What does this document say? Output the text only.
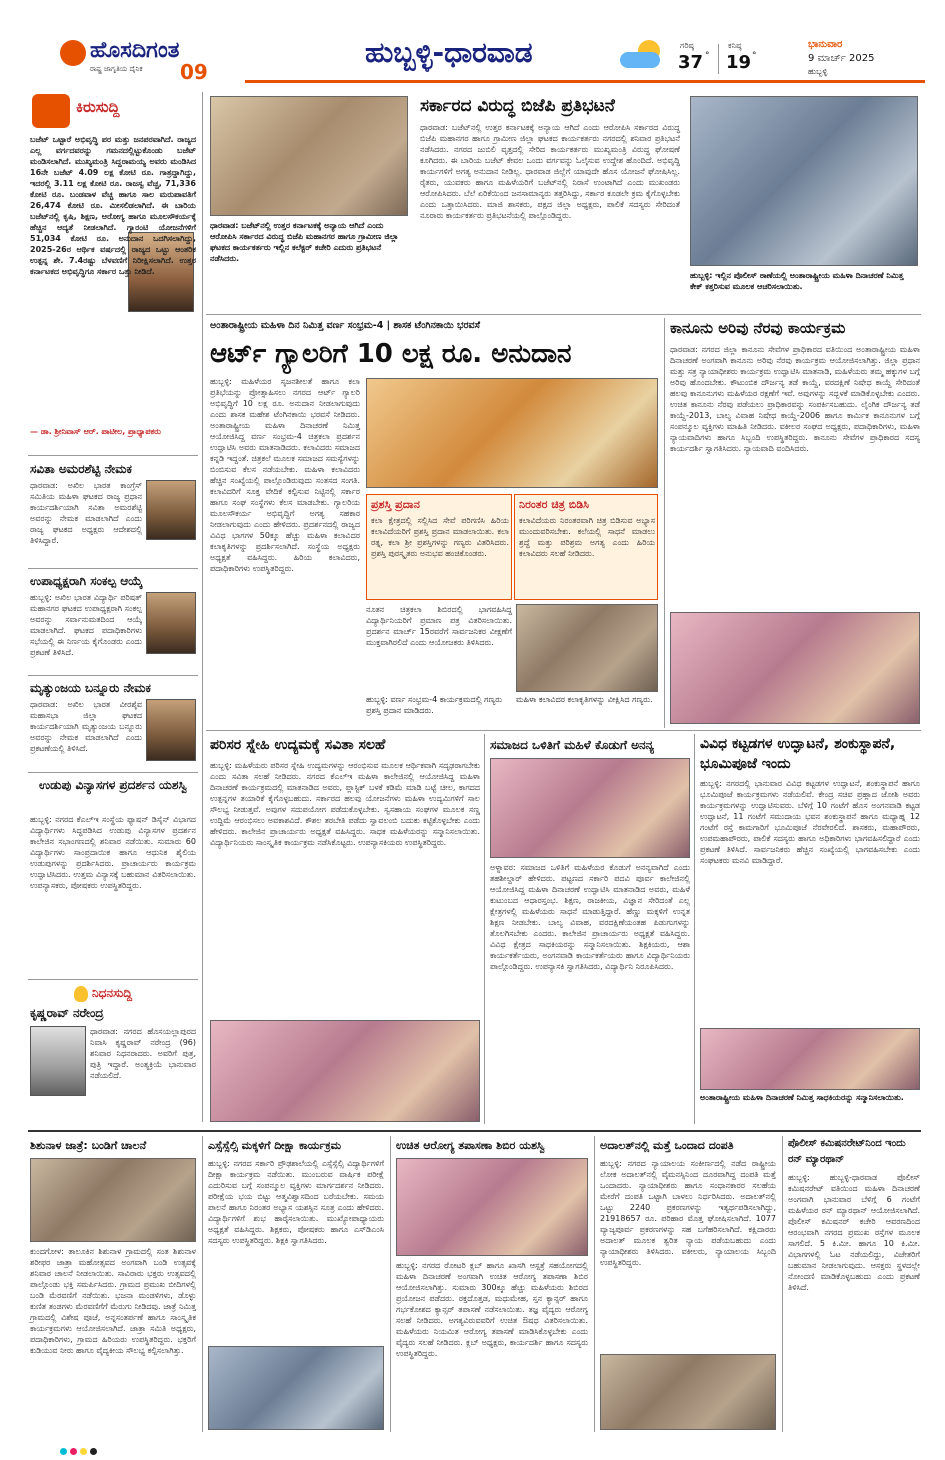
ಹೊಸದಿಗಂತ
ರಾಷ್ಟ್ರ ಜಾಗೃತಿಯ ದೈನಿಕ	09
ಹುಬ್ಬಳ್ಳಿ-ಧಾರವಾಡ	ಗರಿಷ್ಠ
37 °
ಕನಿಷ್ಠ
19 °
ಭಾನುವಾರ
9 ಮಾರ್ಚ್ 2025
ಹುಬ್ಬಳ್ಳಿ
ಕಿರುಸುದ್ದಿ
ಬಜೆಟ್ ಒಟ್ಟಾರೆ ಅಭಿವೃದ್ಧಿ ಪರ ಮತ್ತು ಜನಪರವಾಗಿದೆ. ರಾಜ್ಯದ ಎಲ್ಲ ವರ್ಗದವರನ್ನು ಗಮನದಲ್ಲಿಟ್ಟುಕೊಂಡು ಬಜೆಟ್ ಮಂಡಿಸಲಾಗಿದೆ. ಮುಖ್ಯಮಂತ್ರಿ ಸಿದ್ದರಾಮಯ್ಯ ಅವರು ಮಂಡಿಸಿದ 16ನೇ ಬಜೆಟ್ 4.09 ಲಕ್ಷ ಕೋಟಿ ರೂ. ಗಾತ್ರದ್ದಾಗಿದ್ದು, ಇದರಲ್ಲಿ 3.11 ಲಕ್ಷ ಕೋಟಿ ರೂ. ರಾಜಸ್ವ ವೆಚ್ಚ, 71,336 ಕೋಟಿ ರೂ. ಬಂಡವಾಳ ವೆಚ್ಚ ಹಾಗೂ ಸಾಲ ಮರುಪಾವತಿಗೆ 26,474 ಕೋಟಿ ರೂ. ಮೀಸಲಿಡಲಾಗಿದೆ. ಈ ಬಾರಿಯ ಬಜೆಟ್‌ನಲ್ಲಿ ಕೃಷಿ, ಶಿಕ್ಷಣ, ಆರೋಗ್ಯ ಹಾಗೂ ಮೂಲಸೌಕರ್ಯಕ್ಕೆ ಹೆಚ್ಚಿನ ಆದ್ಯತೆ ನೀಡಲಾಗಿದೆ. ಗ್ಯಾರಂಟಿ ಯೋಜನೆಗಳಿಗೆ 51,034 ಕೋಟಿ ರೂ. ಅನುದಾನ ಒದಗಿಸಲಾಗಿದ್ದು, 2025-26ರ ಆರ್ಥಿಕ ವರ್ಷದಲ್ಲಿ ರಾಜ್ಯದ ಒಟ್ಟು ಆಂತರಿಕ ಉತ್ಪನ್ನ ಶೇ. 7.4ರಷ್ಟು ಬೆಳವಣಿಗೆ ನಿರೀಕ್ಷಿಸಲಾಗಿದೆ. ಉತ್ತರ ಕರ್ನಾಟಕದ ಅಭಿವೃದ್ಧಿಗೂ ಸರ್ಕಾರ ಒತ್ತು ನೀಡಿದೆ.
— ಡಾ. ಶ್ರೀನಿವಾಸ್ ಆರ್. ಪಾಟೀಲ, ಪ್ರಾಧ್ಯಾಪಕರು
ಸವಿತಾ ಅಮರಶೆಟ್ಟಿ ನೇಮಕ
ಧಾರವಾಡ: ಅಖಿಲ ಭಾರತ ಕಾಂಗ್ರೆಸ್ ಸಮಿತಿಯ ಮಹಿಳಾ ಘಟಕದ ರಾಜ್ಯ ಪ್ರಧಾನ ಕಾರ್ಯದರ್ಶಿಯಾಗಿ ಸವಿತಾ ಅಮರಶೆಟ್ಟಿ ಅವರನ್ನು ನೇಮಕ ಮಾಡಲಾಗಿದೆ ಎಂದು ರಾಜ್ಯ ಘಟಕದ ಅಧ್ಯಕ್ಷರು ಆದೇಶದಲ್ಲಿ ತಿಳಿಸಿದ್ದಾರೆ.
ಉಪಾಧ್ಯಕ್ಷರಾಗಿ ಸಂಕಲ್ಪ ಆಯ್ಕೆ
ಹುಬ್ಬಳ್ಳಿ: ಅಖಿಲ ಭಾರತ ವಿದ್ಯಾರ್ಥಿ ಪರಿಷತ್ ಮಹಾನಗರ ಘಟಕದ ಉಪಾಧ್ಯಕ್ಷರಾಗಿ ಸಂಕಲ್ಪ ಅವರನ್ನು ಸರ್ವಾನುಮತದಿಂದ ಆಯ್ಕೆ ಮಾಡಲಾಗಿದೆ. ಘಟಕದ ಪದಾಧಿಕಾರಿಗಳು ಸಭೆಯಲ್ಲಿ ಈ ನಿರ್ಣಯ ಕೈಗೊಂಡರು ಎಂದು ಪ್ರಕಟಣೆ ತಿಳಿಸಿದೆ.
ಮೃತ್ಯುಂಜಯ ಬನ್ನೂರು ನೇಮಕ
ಧಾರವಾಡ: ಅಖಿಲ ಭಾರತ ವೀರಶೈವ ಮಹಾಸಭಾ ಜಿಲ್ಲಾ ಘಟಕದ ಕಾರ್ಯದರ್ಶಿಯಾಗಿ ಮೃತ್ಯುಂಜಯ ಬನ್ನೂರು ಅವರನ್ನು ನೇಮಕ ಮಾಡಲಾಗಿದೆ ಎಂದು ಪ್ರಕಟಣೆಯಲ್ಲಿ ತಿಳಿಸಿದೆ.
ಉಡುಪು ವಿನ್ಯಾಸಗಳ ಪ್ರದರ್ಶನ ಯಶಸ್ವಿ
ಹುಬ್ಬಳ್ಳಿ: ನಗರದ ಕೆಎಲ್‌ಇ ಸಂಸ್ಥೆಯ ಫ್ಯಾಷನ್ ಡಿಸೈನ್ ವಿಭಾಗದ ವಿದ್ಯಾರ್ಥಿಗಳು ಸಿದ್ಧಪಡಿಸಿದ ಉಡುಪು ವಿನ್ಯಾಸಗಳ ಪ್ರದರ್ಶನ ಕಾಲೇಜಿನ ಸಭಾಂಗಣದಲ್ಲಿ ಶನಿವಾರ ನಡೆಯಿತು. ಸುಮಾರು 60 ವಿದ್ಯಾರ್ಥಿಗಳು ಸಾಂಪ್ರದಾಯಿಕ ಹಾಗೂ ಆಧುನಿಕ ಶೈಲಿಯ ಉಡುಪುಗಳನ್ನು ಪ್ರದರ್ಶಿಸಿದರು. ಪ್ರಾಚಾರ್ಯರು ಕಾರ್ಯಕ್ರಮ ಉದ್ಘಾಟಿಸಿದರು. ಉತ್ತಮ ವಿನ್ಯಾಸಕ್ಕೆ ಬಹುಮಾನ ವಿತರಿಸಲಾಯಿತು. ಉಪನ್ಯಾಸಕರು, ಪೋಷಕರು ಉಪಸ್ಥಿತರಿದ್ದರು.
ನಿಧನಸುದ್ದಿ
ಕೃಷ್ಣರಾವ್ ನರೇಂದ್ರ
ಧಾರವಾಡ: ನಗರದ ಹೊಸಯಲ್ಲಾಪುರದ ನಿವಾಸಿ ಕೃಷ್ಣರಾವ್ ನರೇಂದ್ರ (96) ಶನಿವಾರ ನಿಧನರಾದರು. ಅವರಿಗೆ ಪುತ್ರ, ಪುತ್ರಿ ಇದ್ದಾರೆ. ಅಂತ್ಯಕ್ರಿಯೆ ಭಾನುವಾರ ನಡೆಯಲಿದೆ.
ಧಾರವಾಡ: ಬಜೆಟ್‌ನಲ್ಲಿ ಉತ್ತರ ಕರ್ನಾಟಕಕ್ಕೆ ಅನ್ಯಾಯ ಆಗಿದೆ ಎಂದು ಆರೋಪಿಸಿ ಸರ್ಕಾರದ ವಿರುದ್ಧ ಬಿಜೆಪಿ ಮಹಾನಗರ ಹಾಗೂ ಗ್ರಾಮೀಣ ಜಿಲ್ಲಾ ಘಟಕದ ಕಾರ್ಯಕರ್ತರು ಇಲ್ಲಿನ ಕಲೆಕ್ಟರ್ ಕಚೇರಿ ಎದುರು ಪ್ರತಿಭಟನೆ ನಡೆಸಿದರು.
ಸರ್ಕಾರದ ವಿರುದ್ಧ ಬಿಜೆಪಿ ಪ್ರತಿಭಟನೆ
ಧಾರವಾಡ: ಬಜೆಟ್‌ನಲ್ಲಿ ಉತ್ತರ ಕರ್ನಾಟಕಕ್ಕೆ ಅನ್ಯಾಯ ಆಗಿದೆ ಎಂದು ಆರೋಪಿಸಿ ಸರ್ಕಾರದ ವಿರುದ್ಧ ಬಿಜೆಪಿ ಮಹಾನಗರ ಹಾಗೂ ಗ್ರಾಮೀಣ ಜಿಲ್ಲಾ ಘಟಕದ ಕಾರ್ಯಕರ್ತರು ನಗರದಲ್ಲಿ ಶನಿವಾರ ಪ್ರತಿಭಟನೆ ನಡೆಸಿದರು. ನಗರದ ಜುಬಿಲಿ ವೃತ್ತದಲ್ಲಿ ಸೇರಿದ ಕಾರ್ಯಕರ್ತರು ಮುಖ್ಯಮಂತ್ರಿ ವಿರುದ್ಧ ಘೋಷಣೆ ಕೂಗಿದರು. ಈ ಬಾರಿಯ ಬಜೆಟ್ ಕೇವಲ ಒಂದು ವರ್ಗವನ್ನು ಓಲೈಸುವ ಉದ್ದೇಶ ಹೊಂದಿದೆ. ಅಭಿವೃದ್ಧಿ ಕಾರ್ಯಗಳಿಗೆ ಅಗತ್ಯ ಅನುದಾನ ನೀಡಿಲ್ಲ. ಧಾರವಾಡ ಜಿಲ್ಲೆಗೆ ಯಾವುದೇ ಹೊಸ ಯೋಜನೆ ಘೋಷಿಸಿಲ್ಲ. ರೈತರು, ಯುವಕರು ಹಾಗೂ ಮಹಿಳೆಯರಿಗೆ ಬಜೆಟ್‌ನಲ್ಲಿ ನಿರಾಸೆ ಉಂಟಾಗಿದೆ ಎಂದು ಮುಖಂಡರು ಆರೋಪಿಸಿದರು. ಬೆಲೆ ಏರಿಕೆಯಿಂದ ಜನಸಾಮಾನ್ಯರು ತತ್ತರಿಸಿದ್ದು, ಸರ್ಕಾರ ಕೂಡಲೇ ಕ್ರಮ ಕೈಗೊಳ್ಳಬೇಕು ಎಂದು ಒತ್ತಾಯಿಸಿದರು. ಮಾಜಿ ಶಾಸಕರು, ಪಕ್ಷದ ಜಿಲ್ಲಾ ಅಧ್ಯಕ್ಷರು, ಪಾಲಿಕೆ ಸದಸ್ಯರು ಸೇರಿದಂತೆ ನೂರಾರು ಕಾರ್ಯಕರ್ತರು ಪ್ರತಿಭಟನೆಯಲ್ಲಿ ಪಾಲ್ಗೊಂಡಿದ್ದರು.
ಹುಬ್ಬಳ್ಳಿ: ಇಲ್ಲಿನ ಪೊಲೀಸ್ ಠಾಣೆಯಲ್ಲಿ ಅಂತಾರಾಷ್ಟ್ರೀಯ ಮಹಿಳಾ ದಿನಾಚರಣೆ ನಿಮಿತ್ತ ಕೇಕ್ ಕತ್ತರಿಸುವ ಮೂಲಕ ಆಚರಿಸಲಾಯಿತು.
ಅಂತಾರಾಷ್ಟ್ರೀಯ ಮಹಿಳಾ ದಿನ ನಿಮಿತ್ತ ವರ್ಣ ಸಂಭ್ರಮ-4 | ಶಾಸಕ ಟೆಂಗಿನಕಾಯಿ ಭರವಸೆ
ಆರ್ಟ್ ಗ್ಯಾಲರಿಗೆ 10 ಲಕ್ಷ ರೂ. ಅನುದಾನ
ಹುಬ್ಬಳ್ಳಿ: ಮಹಿಳೆಯರ ಸೃಜನಶೀಲತೆ ಹಾಗೂ ಕಲಾ ಪ್ರತಿಭೆಯನ್ನು ಪ್ರೋತ್ಸಾಹಿಸಲು ನಗರದ ಆರ್ಟ್ ಗ್ಯಾಲರಿ ಅಭಿವೃದ್ಧಿಗೆ 10 ಲಕ್ಷ ರೂ. ಅನುದಾನ ನೀಡಲಾಗುವುದು ಎಂದು ಶಾಸಕ ಮಹೇಶ ಟೆಂಗಿನಕಾಯಿ ಭರವಸೆ ನೀಡಿದರು. ಅಂತಾರಾಷ್ಟ್ರೀಯ ಮಹಿಳಾ ದಿನಾಚರಣೆ ನಿಮಿತ್ತ ಆಯೋಜಿಸಿದ್ದ ವರ್ಣ ಸಂಭ್ರಮ-4 ಚಿತ್ರಕಲಾ ಪ್ರದರ್ಶನ ಉದ್ಘಾಟಿಸಿ ಅವರು ಮಾತನಾಡಿದರು. ಕಲಾವಿದರು ಸಮಾಜದ ಕನ್ನಡಿ ಇದ್ದಂತೆ. ಚಿತ್ರಕಲೆ ಮೂಲಕ ಸಮಾಜದ ಸಮಸ್ಯೆಗಳನ್ನು ಬಿಂಬಿಸುವ ಕೆಲಸ ನಡೆಯಬೇಕು. ಮಹಿಳಾ ಕಲಾವಿದರು ಹೆಚ್ಚಿನ ಸಂಖ್ಯೆಯಲ್ಲಿ ಪಾಲ್ಗೊಂಡಿರುವುದು ಸಂತಸದ ಸಂಗತಿ. ಕಲಾವಿದರಿಗೆ ಸೂಕ್ತ ವೇದಿಕೆ ಕಲ್ಪಿಸುವ ನಿಟ್ಟಿನಲ್ಲಿ ಸರ್ಕಾರ ಹಾಗೂ ಸಂಘ ಸಂಸ್ಥೆಗಳು ಕೆಲಸ ಮಾಡಬೇಕು. ಗ್ಯಾಲರಿಯ ಮೂಲಸೌಕರ್ಯ ಅಭಿವೃದ್ಧಿಗೆ ಅಗತ್ಯ ಸಹಕಾರ ನೀಡಲಾಗುವುದು ಎಂದು ಹೇಳಿದರು. ಪ್ರದರ್ಶನದಲ್ಲಿ ರಾಜ್ಯದ ವಿವಿಧ ಭಾಗಗಳ 50ಕ್ಕೂ ಹೆಚ್ಚು ಮಹಿಳಾ ಕಲಾವಿದರ ಕಲಾಕೃತಿಗಳನ್ನು ಪ್ರದರ್ಶಿಸಲಾಗಿದೆ. ಸಂಸ್ಥೆಯ ಅಧ್ಯಕ್ಷರು ಅಧ್ಯಕ್ಷತೆ ವಹಿಸಿದ್ದರು. ಹಿರಿಯ ಕಲಾವಿದರು, ಪದಾಧಿಕಾರಿಗಳು ಉಪಸ್ಥಿತರಿದ್ದರು.
ಪ್ರಶಸ್ತಿ ಪ್ರದಾನ
ಕಲಾ ಕ್ಷೇತ್ರದಲ್ಲಿ ಸಲ್ಲಿಸಿದ ಸೇವೆ ಪರಿಗಣಿಸಿ ಹಿರಿಯ ಕಲಾವಿದೆಯರಿಗೆ ಪ್ರಶಸ್ತಿ ಪ್ರದಾನ ಮಾಡಲಾಯಿತು. ಕಲಾ ರತ್ನ, ಕಲಾ ಶ್ರೀ ಪ್ರಶಸ್ತಿಗಳನ್ನು ಗಣ್ಯರು ವಿತರಿಸಿದರು. ಪ್ರಶಸ್ತಿ ಪುರಸ್ಕೃತರು ಅನುಭವ ಹಂಚಿಕೊಂಡರು.
ನಿರಂತರ ಚಿತ್ರ ಬಿಡಿಸಿ
ಕಲಾವಿದೆಯರು ನಿರಂತರವಾಗಿ ಚಿತ್ರ ಬಿಡಿಸುವ ಅಭ್ಯಾಸ ಮುಂದುವರಿಸಬೇಕು. ಕಲೆಯಲ್ಲಿ ಸಾಧನೆ ಮಾಡಲು ಶ್ರದ್ಧೆ ಮತ್ತು ಪರಿಶ್ರಮ ಅಗತ್ಯ ಎಂದು ಹಿರಿಯ ಕಲಾವಿದರು ಸಲಹೆ ನೀಡಿದರು.
ನೂತನ ಚಿತ್ರಕಲಾ ಶಿಬಿರದಲ್ಲಿ ಭಾಗವಹಿಸಿದ್ದ ವಿದ್ಯಾರ್ಥಿನಿಯರಿಗೆ ಪ್ರಮಾಣ ಪತ್ರ ವಿತರಿಸಲಾಯಿತು. ಪ್ರದರ್ಶನ ಮಾರ್ಚ್ 15ರವರೆಗೆ ಸಾರ್ವಜನಿಕರ ವೀಕ್ಷಣೆಗೆ ಮುಕ್ತವಾಗಿರಲಿದೆ ಎಂದು ಆಯೋಜಕರು ತಿಳಿಸಿದರು.
ಹುಬ್ಬಳ್ಳಿ: ವರ್ಣ ಸಂಭ್ರಮ-4 ಕಾರ್ಯಕ್ರಮದಲ್ಲಿ ಗಣ್ಯರು ಪ್ರಶಸ್ತಿ ಪ್ರದಾನ ಮಾಡಿದರು.
ಮಹಿಳಾ ಕಲಾವಿದರ ಕಲಾಕೃತಿಗಳನ್ನು ವೀಕ್ಷಿಸಿದ ಗಣ್ಯರು.
ಕಾನೂನು ಅರಿವು ನೆರವು ಕಾರ್ಯಕ್ರಮ
ಧಾರವಾಡ: ನಗರದ ಜಿಲ್ಲಾ ಕಾನೂನು ಸೇವೆಗಳ ಪ್ರಾಧಿಕಾರದ ವತಿಯಿಂದ ಅಂತಾರಾಷ್ಟ್ರೀಯ ಮಹಿಳಾ ದಿನಾಚರಣೆ ಅಂಗವಾಗಿ ಕಾನೂನು ಅರಿವು ನೆರವು ಕಾರ್ಯಕ್ರಮ ಆಯೋಜಿಸಲಾಗಿತ್ತು. ಜಿಲ್ಲಾ ಪ್ರಧಾನ ಮತ್ತು ಸತ್ರ ನ್ಯಾಯಾಧೀಶರು ಕಾರ್ಯಕ್ರಮ ಉದ್ಘಾಟಿಸಿ ಮಾತನಾಡಿ, ಮಹಿಳೆಯರು ತಮ್ಮ ಹಕ್ಕುಗಳ ಬಗ್ಗೆ ಅರಿವು ಹೊಂದಬೇಕು. ಕೌಟುಂಬಿಕ ದೌರ್ಜನ್ಯ ತಡೆ ಕಾಯ್ದೆ, ವರದಕ್ಷಿಣೆ ನಿಷೇಧ ಕಾಯ್ದೆ ಸೇರಿದಂತೆ ಹಲವು ಕಾನೂನುಗಳು ಮಹಿಳೆಯರ ರಕ್ಷಣೆಗೆ ಇವೆ. ಅವುಗಳನ್ನು ಸದ್ಬಳಕೆ ಮಾಡಿಕೊಳ್ಳಬೇಕು ಎಂದರು. ಉಚಿತ ಕಾನೂನು ನೆರವು ಪಡೆಯಲು ಪ್ರಾಧಿಕಾರವನ್ನು ಸಂಪರ್ಕಿಸಬಹುದು. ಲೈಂಗಿಕ ದೌರ್ಜನ್ಯ ತಡೆ ಕಾಯ್ದೆ-2013, ಬಾಲ್ಯ ವಿವಾಹ ನಿಷೇಧ ಕಾಯ್ದೆ-2006 ಹಾಗೂ ಕಾರ್ಮಿಕ ಕಾನೂನುಗಳ ಬಗ್ಗೆ ಸಂಪನ್ಮೂಲ ವ್ಯಕ್ತಿಗಳು ಮಾಹಿತಿ ನೀಡಿದರು. ವಕೀಲರ ಸಂಘದ ಅಧ್ಯಕ್ಷರು, ಪದಾಧಿಕಾರಿಗಳು, ಮಹಿಳಾ ನ್ಯಾಯವಾದಿಗಳು ಹಾಗೂ ಸಿಬ್ಬಂದಿ ಉಪಸ್ಥಿತರಿದ್ದರು. ಕಾನೂನು ಸೇವೆಗಳ ಪ್ರಾಧಿಕಾರದ ಸದಸ್ಯ ಕಾರ್ಯದರ್ಶಿ ಸ್ವಾಗತಿಸಿದರು. ನ್ಯಾಯವಾದಿ ವಂದಿಸಿದರು.
ಪರಿಸರ ಸ್ನೇಹಿ ಉದ್ಯಮಕ್ಕೆ ಸವಿತಾ ಸಲಹೆ
ಹುಬ್ಬಳ್ಳಿ: ಮಹಿಳೆಯರು ಪರಿಸರ ಸ್ನೇಹಿ ಉದ್ಯಮಗಳನ್ನು ಆರಂಭಿಸುವ ಮೂಲಕ ಆರ್ಥಿಕವಾಗಿ ಸದೃಢರಾಗಬೇಕು ಎಂದು ಸವಿತಾ ಸಲಹೆ ನೀಡಿದರು. ನಗರದ ಕೆಎಲ್‌ಇ ಮಹಿಳಾ ಕಾಲೇಜಿನಲ್ಲಿ ಆಯೋಜಿಸಿದ್ದ ಮಹಿಳಾ ದಿನಾಚರಣೆ ಕಾರ್ಯಕ್ರಮದಲ್ಲಿ ಮಾತನಾಡಿದ ಅವರು, ಪ್ಲಾಸ್ಟಿಕ್ ಬಳಕೆ ಕಡಿಮೆ ಮಾಡಿ ಬಟ್ಟೆ ಚೀಲ, ಕಾಗದದ ಉತ್ಪನ್ನಗಳ ತಯಾರಿಕೆ ಕೈಗೊಳ್ಳಬಹುದು. ಸರ್ಕಾರದ ಹಲವು ಯೋಜನೆಗಳು ಮಹಿಳಾ ಉದ್ಯಮಿಗಳಿಗೆ ಸಾಲ ಸೌಲಭ್ಯ ನೀಡುತ್ತವೆ. ಅವುಗಳ ಸದುಪಯೋಗ ಪಡೆದುಕೊಳ್ಳಬೇಕು. ಸ್ವಸಹಾಯ ಸಂಘಗಳ ಮೂಲಕ ಸಣ್ಣ ಉದ್ದಿಮೆ ಆರಂಭಿಸಲು ಅವಕಾಶವಿದೆ. ಕೌಶಲ ತರಬೇತಿ ಪಡೆದು ಸ್ವಾವಲಂಬಿ ಬದುಕು ಕಟ್ಟಿಕೊಳ್ಳಬೇಕು ಎಂದು ಹೇಳಿದರು. ಕಾಲೇಜಿನ ಪ್ರಾಚಾರ್ಯರು ಅಧ್ಯಕ್ಷತೆ ವಹಿಸಿದ್ದರು. ಸಾಧಕ ಮಹಿಳೆಯರನ್ನು ಸನ್ಮಾನಿಸಲಾಯಿತು. ವಿದ್ಯಾರ್ಥಿನಿಯರು ಸಾಂಸ್ಕೃತಿಕ ಕಾರ್ಯಕ್ರಮ ನಡೆಸಿಕೊಟ್ಟರು. ಉಪನ್ಯಾಸಕಿಯರು ಉಪಸ್ಥಿತರಿದ್ದರು.
ಸಮಾಜದ ಒಳಿತಿಗೆ ಮಹಿಳೆ ಕೊಡುಗೆ ಅನನ್ಯ
ಅಳ್ನಾವರ: ಸಮಾಜದ ಒಳಿತಿಗೆ ಮಹಿಳೆಯರ ಕೊಡುಗೆ ಅನನ್ಯವಾಗಿದೆ ಎಂದು ತಹಶೀಲ್ದಾರ್ ಹೇಳಿದರು. ಪಟ್ಟಣದ ಸರ್ಕಾರಿ ಪದವಿ ಪೂರ್ವ ಕಾಲೇಜಿನಲ್ಲಿ ಆಯೋಜಿಸಿದ್ದ ಮಹಿಳಾ ದಿನಾಚರಣೆ ಉದ್ಘಾಟಿಸಿ ಮಾತನಾಡಿದ ಅವರು, ಮಹಿಳೆ ಕುಟುಂಬದ ಆಧಾರಸ್ತಂಭ. ಶಿಕ್ಷಣ, ರಾಜಕೀಯ, ವಿಜ್ಞಾನ ಸೇರಿದಂತೆ ಎಲ್ಲ ಕ್ಷೇತ್ರಗಳಲ್ಲಿ ಮಹಿಳೆಯರು ಸಾಧನೆ ಮಾಡುತ್ತಿದ್ದಾರೆ. ಹೆಣ್ಣು ಮಕ್ಕಳಿಗೆ ಉನ್ನತ ಶಿಕ್ಷಣ ನೀಡಬೇಕು. ಬಾಲ್ಯ ವಿವಾಹ, ವರದಕ್ಷಿಣೆಯಂತಹ ಪಿಡುಗುಗಳನ್ನು ತೊಲಗಿಸಬೇಕು ಎಂದರು. ಕಾಲೇಜಿನ ಪ್ರಾಚಾರ್ಯರು ಅಧ್ಯಕ್ಷತೆ ವಹಿಸಿದ್ದರು. ವಿವಿಧ ಕ್ಷೇತ್ರದ ಸಾಧಕಿಯರನ್ನು ಸನ್ಮಾನಿಸಲಾಯಿತು. ಶಿಕ್ಷಕಿಯರು, ಆಶಾ ಕಾರ್ಯಕರ್ತೆಯರು, ಅಂಗನವಾಡಿ ಕಾರ್ಯಕರ್ತೆಯರು ಹಾಗೂ ವಿದ್ಯಾರ್ಥಿನಿಯರು ಪಾಲ್ಗೊಂಡಿದ್ದರು. ಉಪನ್ಯಾಸಕಿ ಸ್ವಾಗತಿಸಿದರು, ವಿದ್ಯಾರ್ಥಿನಿ ನಿರೂಪಿಸಿದರು.
ವಿವಿಧ ಕಟ್ಟಡಗಳ ಉದ್ಘಾಟನೆ, ಶಂಕುಸ್ಥಾಪನೆ, ಭೂಮಿಪೂಜೆ ಇಂದು
ಹುಬ್ಬಳ್ಳಿ: ನಗರದಲ್ಲಿ ಭಾನುವಾರ ವಿವಿಧ ಕಟ್ಟಡಗಳ ಉದ್ಘಾಟನೆ, ಶಂಕುಸ್ಥಾಪನೆ ಹಾಗೂ ಭೂಮಿಪೂಜೆ ಕಾರ್ಯಕ್ರಮಗಳು ನಡೆಯಲಿವೆ. ಕೇಂದ್ರ ಸಚಿವ ಪ್ರಹ್ಲಾದ ಜೋಶಿ ಅವರು ಕಾರ್ಯಕ್ರಮಗಳನ್ನು ಉದ್ಘಾಟಿಸುವರು. ಬೆಳಿಗ್ಗೆ 10 ಗಂಟೆಗೆ ಹೊಸ ಅಂಗನವಾಡಿ ಕಟ್ಟಡ ಉದ್ಘಾಟನೆ, 11 ಗಂಟೆಗೆ ಸಮುದಾಯ ಭವನ ಶಂಕುಸ್ಥಾಪನೆ ಹಾಗೂ ಮಧ್ಯಾಹ್ನ 12 ಗಂಟೆಗೆ ರಸ್ತೆ ಕಾಮಗಾರಿಗೆ ಭೂಮಿಪೂಜೆ ನೆರವೇರಲಿದೆ. ಶಾಸಕರು, ಮಹಾಪೌರರು, ಉಪಮಹಾಪೌರರು, ಪಾಲಿಕೆ ಸದಸ್ಯರು ಹಾಗೂ ಅಧಿಕಾರಿಗಳು ಭಾಗವಹಿಸಲಿದ್ದಾರೆ ಎಂದು ಪ್ರಕಟಣೆ ತಿಳಿಸಿದೆ. ಸಾರ್ವಜನಿಕರು ಹೆಚ್ಚಿನ ಸಂಖ್ಯೆಯಲ್ಲಿ ಭಾಗವಹಿಸಬೇಕು ಎಂದು ಸಂಘಟಕರು ಮನವಿ ಮಾಡಿದ್ದಾರೆ.
ಅಂತಾರಾಷ್ಟ್ರೀಯ ಮಹಿಳಾ ದಿನಾಚರಣೆ ನಿಮಿತ್ತ ಸಾಧಕಿಯರನ್ನು ಸನ್ಮಾನಿಸಲಾಯಿತು.
ಶಿಶುನಾಳ ಜಾತ್ರೆ: ಬಂಡಿಗೆ ಚಾಲನೆ
ಕುಂದಗೋಳ: ತಾಲೂಕಿನ ಶಿಶುನಾಳ ಗ್ರಾಮದಲ್ಲಿ ಸಂತ ಶಿಶುನಾಳ ಶರೀಫರ ಜಾತ್ರಾ ಮಹೋತ್ಸವದ ಅಂಗವಾಗಿ ಬಂಡಿ ಉತ್ಸವಕ್ಕೆ ಶನಿವಾರ ಚಾಲನೆ ನೀಡಲಾಯಿತು. ಸಾವಿರಾರು ಭಕ್ತರು ಉತ್ಸವದಲ್ಲಿ ಪಾಲ್ಗೊಂಡು ಭಕ್ತಿ ಸಮರ್ಪಿಸಿದರು. ಗ್ರಾಮದ ಪ್ರಮುಖ ಬೀದಿಗಳಲ್ಲಿ ಬಂಡಿ ಮೆರವಣಿಗೆ ನಡೆಯಿತು. ಭಜನಾ ಮಂಡಳಿಗಳು, ಡೊಳ್ಳು ಕುಣಿತ ತಂಡಗಳು ಮೆರವಣಿಗೆಗೆ ಮೆರುಗು ನೀಡಿದವು. ಜಾತ್ರೆ ನಿಮಿತ್ತ ಗ್ರಾಮದಲ್ಲಿ ವಿಶೇಷ ಪೂಜೆ, ಅನ್ನಸಂತರ್ಪಣೆ ಹಾಗೂ ಸಾಂಸ್ಕೃತಿಕ ಕಾರ್ಯಕ್ರಮಗಳು ಆಯೋಜಿಸಲಾಗಿದೆ. ಜಾತ್ರಾ ಸಮಿತಿ ಅಧ್ಯಕ್ಷರು, ಪದಾಧಿಕಾರಿಗಳು, ಗ್ರಾಮದ ಹಿರಿಯರು ಉಪಸ್ಥಿತರಿದ್ದರು. ಭಕ್ತರಿಗೆ ಕುಡಿಯುವ ನೀರು ಹಾಗೂ ವೈದ್ಯಕೀಯ ಸೌಲಭ್ಯ ಕಲ್ಪಿಸಲಾಗಿತ್ತು.
ಎಸ್ಸೆಸ್ಸೆಲ್ಸಿ ಮಕ್ಕಳಿಗೆ ದೀಕ್ಷಾ ಕಾರ್ಯಕ್ರಮ
ಹುಬ್ಬಳ್ಳಿ: ನಗರದ ಸರ್ಕಾರಿ ಪ್ರೌಢಶಾಲೆಯಲ್ಲಿ ಎಸ್ಸೆಸ್ಸೆಲ್ಸಿ ವಿದ್ಯಾರ್ಥಿಗಳಿಗೆ ದೀಕ್ಷಾ ಕಾರ್ಯಕ್ರಮ ನಡೆಯಿತು. ಮುಂಬರುವ ವಾರ್ಷಿಕ ಪರೀಕ್ಷೆ ಎದುರಿಸುವ ಬಗ್ಗೆ ಸಂಪನ್ಮೂಲ ವ್ಯಕ್ತಿಗಳು ಮಾರ್ಗದರ್ಶನ ನೀಡಿದರು. ಪರೀಕ್ಷೆಯ ಭಯ ಬಿಟ್ಟು ಆತ್ಮವಿಶ್ವಾಸದಿಂದ ಬರೆಯಬೇಕು. ಸಮಯ ಪಾಲನೆ ಹಾಗೂ ನಿರಂತರ ಅಭ್ಯಾಸ ಯಶಸ್ಸಿನ ಸೂತ್ರ ಎಂದು ಹೇಳಿದರು. ವಿದ್ಯಾರ್ಥಿಗಳಿಗೆ ಶುಭ ಹಾರೈಸಲಾಯಿತು. ಮುಖ್ಯೋಪಾಧ್ಯಾಯರು ಅಧ್ಯಕ್ಷತೆ ವಹಿಸಿದ್ದರು. ಶಿಕ್ಷಕರು, ಪೋಷಕರು ಹಾಗೂ ಎಸ್‌ಡಿಎಂಸಿ ಸದಸ್ಯರು ಉಪಸ್ಥಿತರಿದ್ದರು. ಶಿಕ್ಷಕಿ ಸ್ವಾಗತಿಸಿದರು.
ಉಚಿತ ಆರೋಗ್ಯ ತಪಾಸಣಾ ಶಿಬಿರ ಯಶಸ್ವಿ
ಹುಬ್ಬಳ್ಳಿ: ನಗರದ ರೋಟರಿ ಕ್ಲಬ್ ಹಾಗೂ ಖಾಸಗಿ ಆಸ್ಪತ್ರೆ ಸಹಯೋಗದಲ್ಲಿ ಮಹಿಳಾ ದಿನಾಚರಣೆ ಅಂಗವಾಗಿ ಉಚಿತ ಆರೋಗ್ಯ ತಪಾಸಣಾ ಶಿಬಿರ ಆಯೋಜಿಸಲಾಗಿತ್ತು. ಸುಮಾರು 300ಕ್ಕೂ ಹೆಚ್ಚು ಮಹಿಳೆಯರು ಶಿಬಿರದ ಪ್ರಯೋಜನ ಪಡೆದರು. ರಕ್ತದೊತ್ತಡ, ಮಧುಮೇಹ, ಸ್ತನ ಕ್ಯಾನ್ಸರ್ ಹಾಗೂ ಗರ್ಭಕೋಶದ ಕ್ಯಾನ್ಸರ್ ತಪಾಸಣೆ ನಡೆಸಲಾಯಿತು. ತಜ್ಞ ವೈದ್ಯರು ಆರೋಗ್ಯ ಸಲಹೆ ನೀಡಿದರು. ಅಗತ್ಯವಿರುವವರಿಗೆ ಉಚಿತ ಔಷಧ ವಿತರಿಸಲಾಯಿತು. ಮಹಿಳೆಯರು ನಿಯಮಿತ ಆರೋಗ್ಯ ತಪಾಸಣೆ ಮಾಡಿಸಿಕೊಳ್ಳಬೇಕು ಎಂದು ವೈದ್ಯರು ಸಲಹೆ ನೀಡಿದರು. ಕ್ಲಬ್ ಅಧ್ಯಕ್ಷರು, ಕಾರ್ಯದರ್ಶಿ ಹಾಗೂ ಸದಸ್ಯರು ಉಪಸ್ಥಿತರಿದ್ದರು.
ಅದಾಲತ್‌ನಲ್ಲಿ ಮತ್ತೆ ಒಂದಾದ ದಂಪತಿ
ಹುಬ್ಬಳ್ಳಿ: ನಗರದ ನ್ಯಾಯಾಲಯ ಸಂಕೀರ್ಣದಲ್ಲಿ ನಡೆದ ರಾಷ್ಟ್ರೀಯ ಲೋಕ ಅದಾಲತ್‌ನಲ್ಲಿ ವೈಮನಸ್ಸಿನಿಂದ ದೂರವಾಗಿದ್ದ ದಂಪತಿ ಮತ್ತೆ ಒಂದಾದರು. ನ್ಯಾಯಾಧೀಶರು ಹಾಗೂ ಸಂಧಾನಕಾರರ ಸಲಹೆಯ ಮೇರೆಗೆ ದಂಪತಿ ಒಟ್ಟಾಗಿ ಬಾಳಲು ನಿರ್ಧರಿಸಿದರು. ಅದಾಲತ್‌ನಲ್ಲಿ ಒಟ್ಟು 2240 ಪ್ರಕರಣಗಳನ್ನು ಇತ್ಯರ್ಥಪಡಿಸಲಾಗಿದ್ದು, 21918657 ರೂ. ಪರಿಹಾರ ಮೊತ್ತ ಘೋಷಿಸಲಾಗಿದೆ. 1077 ವ್ಯಾಜ್ಯಪೂರ್ವ ಪ್ರಕರಣಗಳನ್ನು ಸಹ ಬಗೆಹರಿಸಲಾಗಿದೆ. ಕಕ್ಷಿದಾರರು ಅದಾಲತ್ ಮೂಲಕ ತ್ವರಿತ ನ್ಯಾಯ ಪಡೆಯಬಹುದು ಎಂದು ನ್ಯಾಯಾಧೀಶರು ತಿಳಿಸಿದರು. ವಕೀಲರು, ನ್ಯಾಯಾಲಯ ಸಿಬ್ಬಂದಿ ಉಪಸ್ಥಿತರಿದ್ದರು.
ಪೊಲೀಸ್ ಕಮಿಷನರೇಟ್‌ನಿಂದ ಇಂದು ರನ್ ಮ್ಯಾರಥಾನ್
ಹುಬ್ಬಳ್ಳಿ: ಹುಬ್ಬಳ್ಳಿ-ಧಾರವಾಡ ಪೊಲೀಸ್ ಕಮಿಷನರೇಟ್ ವತಿಯಿಂದ ಮಹಿಳಾ ದಿನಾಚರಣೆ ಅಂಗವಾಗಿ ಭಾನುವಾರ ಬೆಳಿಗ್ಗೆ 6 ಗಂಟೆಗೆ ಮಹಿಳೆಯರ ರನ್ ಮ್ಯಾರಥಾನ್ ಆಯೋಜಿಸಲಾಗಿದೆ. ಪೊಲೀಸ್ ಕಮಿಷನರ್ ಕಚೇರಿ ಆವರಣದಿಂದ ಆರಂಭವಾಗಿ ನಗರದ ಪ್ರಮುಖ ರಸ್ತೆಗಳ ಮೂಲಕ ಸಾಗಲಿದೆ. 5 ಕಿ.ಮೀ. ಹಾಗೂ 10 ಕಿ.ಮೀ. ವಿಭಾಗಗಳಲ್ಲಿ ಓಟ ನಡೆಯಲಿದ್ದು, ವಿಜೇತರಿಗೆ ಬಹುಮಾನ ನೀಡಲಾಗುವುದು. ಆಸಕ್ತರು ಸ್ಥಳದಲ್ಲೇ ನೋಂದಣಿ ಮಾಡಿಕೊಳ್ಳಬಹುದು ಎಂದು ಪ್ರಕಟಣೆ ತಿಳಿಸಿದೆ.
